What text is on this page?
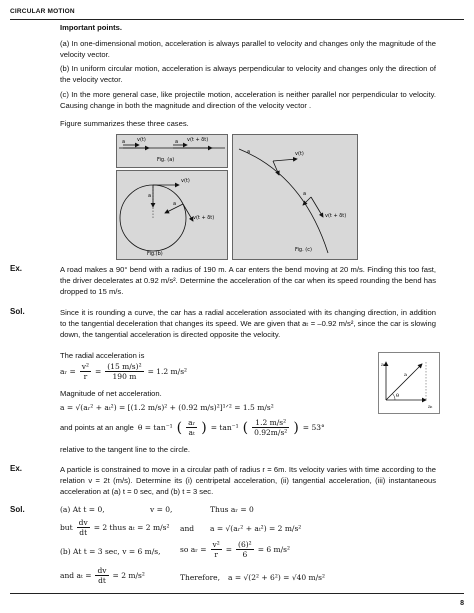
CIRCULAR MOTION
Important points.
(a) In one-dimensional motion, acceleration is always parallel to velocity and changes only the magnitude of the velocity vector.
(b) In uniform circular motion, acceleration is always perpendicular to velocity and changes only the direction of the velocity vector.
(c) In the more general case, like projectile motion, acceleration is neither parallel nor perpendicular to velocity. Causing change in both the magnitude and direction of the velocity vector .
Figure summarizes these three cases.
a v(t)	a v(t + δt)
Fig. (a)
v(t)
a
a
v(t + δt)
Fig.(b)
a	v(t)
a
v(t + δt)
Fig. (c)
Ex.	A road makes a 90° bend with a radius of 190 m. A car enters the bend moving at 20 m/s. Finding this too fast, the driver decelerates at 0.92 m/s². Determine the acceleration of the car when its speed rounding the bend has dropped to 15 m/s.
Sol.	Since it is rounding a curve, the car has a radial acceleration associated with its changing direction, in addition to the tangential deceleration that changes its speed. We are given that aₜ = –0.92 m/s², since the car is slowing down, the tangential acceleration is directed opposite the velocity.
The radial acceleration is
aᵣ = $\frac{\text{v²}}{r} = \frac{\text{(15 m/s)²}}{190 m} = 1.2$ m/s²
Magnitude of net acceleration.
a = √(aᵣ² + aₜ²) = [(1.2 m/s)² + (0.92 m/s)²]¹ᐟ² = 1.5 m/s²
and points at an angle θ = tan⁻¹ ( $\frac{\text{aᵣ}}{\text{aₜ}}$ ) = tan⁻¹ ( $\frac{\text{1.2 m/s²}}{\text{0.92m/s²}}$ ) = 53°
relative to the tangent line to the circle.
aᵣ
a
θ
aₜ
Ex.	A particle is constrained to move in a circular path of radius r = 6m. Its velocity varies with time according to the relation v = 2t (m/s). Determine its (i) centripetal acceleration, (ii) tangential acceleration, (iii) instantaneous acceleration at (a) t = 0 sec, and (b) t = 3 sec.
Sol.	(a) At t = 0,	v = 0,	Thus aᵣ = 0
but $\frac{dv}{dt} = 2$ thus aₜ = 2 m/s² and a = √(aᵣ² + aₜ²) = 2 m/s²
(b) At t = 3 sec, v = 6 m/s,	so aᵣ = $\frac{\text{v²}}{r} = \frac{\text{(6)²}}{6} = 6$ m/s²
and $a_t = \frac{dv}{dt} = 2$ m/s²	Therefore, a = √(2² + 6²) = √40 m/s²
8
